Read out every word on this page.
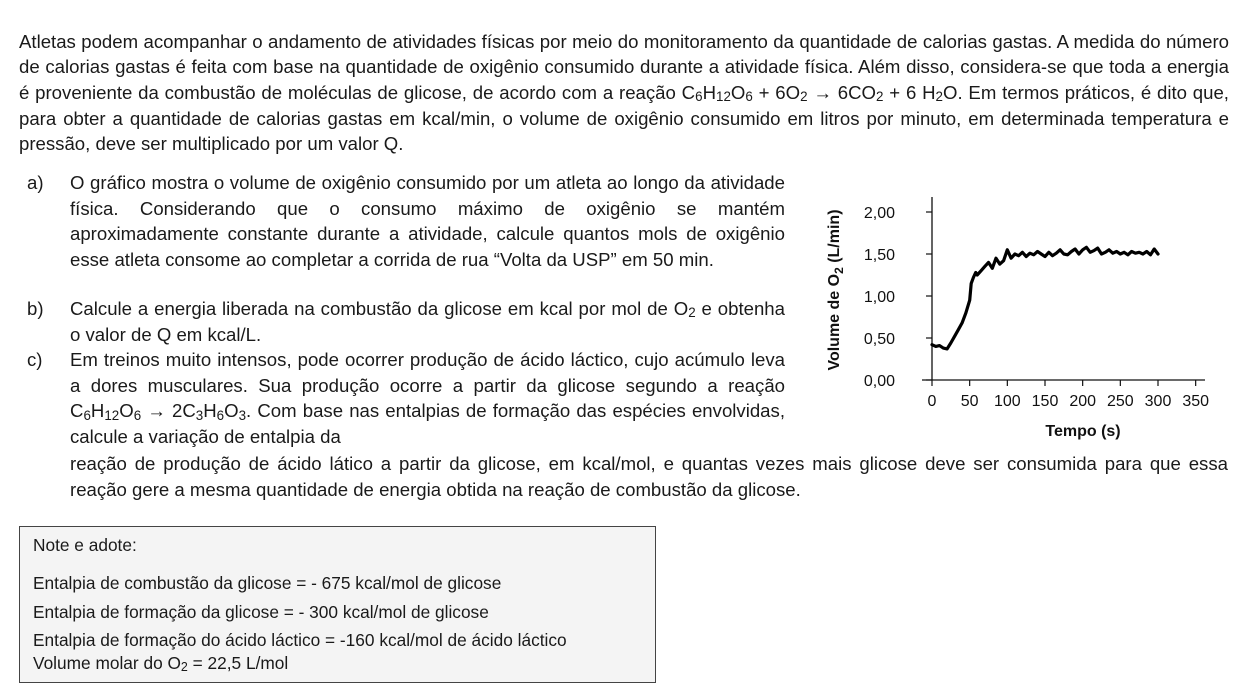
Atletas podem acompanhar o andamento de atividades físicas por meio do monitoramento da quantidade de calorias gastas. A medida do número de calorias gastas é feita com base na quantidade de oxigênio consumido durante a atividade física. Além disso, considera-se que toda a energia é proveniente da combustão de moléculas de glicose, de acordo com a reação C6H12O6 + 6O2 → 6CO2 + 6 H2O. Em termos práticos, é dito que, para obter a quantidade de calorias gastas em kcal/min, o volume de oxigênio consumido em litros por minuto, em determinada temperatura e pressão, deve ser multiplicado por um valor Q.

a) O gráfico mostra o volume de oxigênio consumido por um atleta ao longo da atividade física. Considerando que o consumo máximo de oxigênio se mantém aproximadamente constante durante a atividade, calcule quantos mols de oxigênio esse atleta consome ao completar a corrida de rua “Volta da USP” em 50 min.
b) Calcule a energia liberada na combustão da glicose em kcal por mol de O2 e obtenha o valor de Q em kcal/L.
c) Em treinos muito intensos, pode ocorrer produção de ácido láctico, cujo acúmulo leva a dores musculares. Sua produção ocorre a partir da glicose segundo a reação C6H12O6 → 2C3H6O3. Com base nas entalpias de formação das espécies envolvidas, calcule a variação de entalpia da
reação de produção de ácido lático a partir da glicose, em kcal/mol, e quantas vezes mais glicose deve ser consumida para que essa reação gere a mesma quantidade de energia obtida na reação de combustão da glicose.
Volume de $O_2$ (L/min)
0,00
0,50
1,00
1,50
2,00
0 50 100 150 200 250 300 350
Tempo (s)

Note e adote:

Entalpia de combustão da glicose = - 675 kcal/mol de glicose

Entalpia de formação da glicose = - 300 kcal/mol de glicose

Entalpia de formação do ácido láctico = -160 kcal/mol de ácido láctico

Volume molar do O2 = 22,5 L/mol
